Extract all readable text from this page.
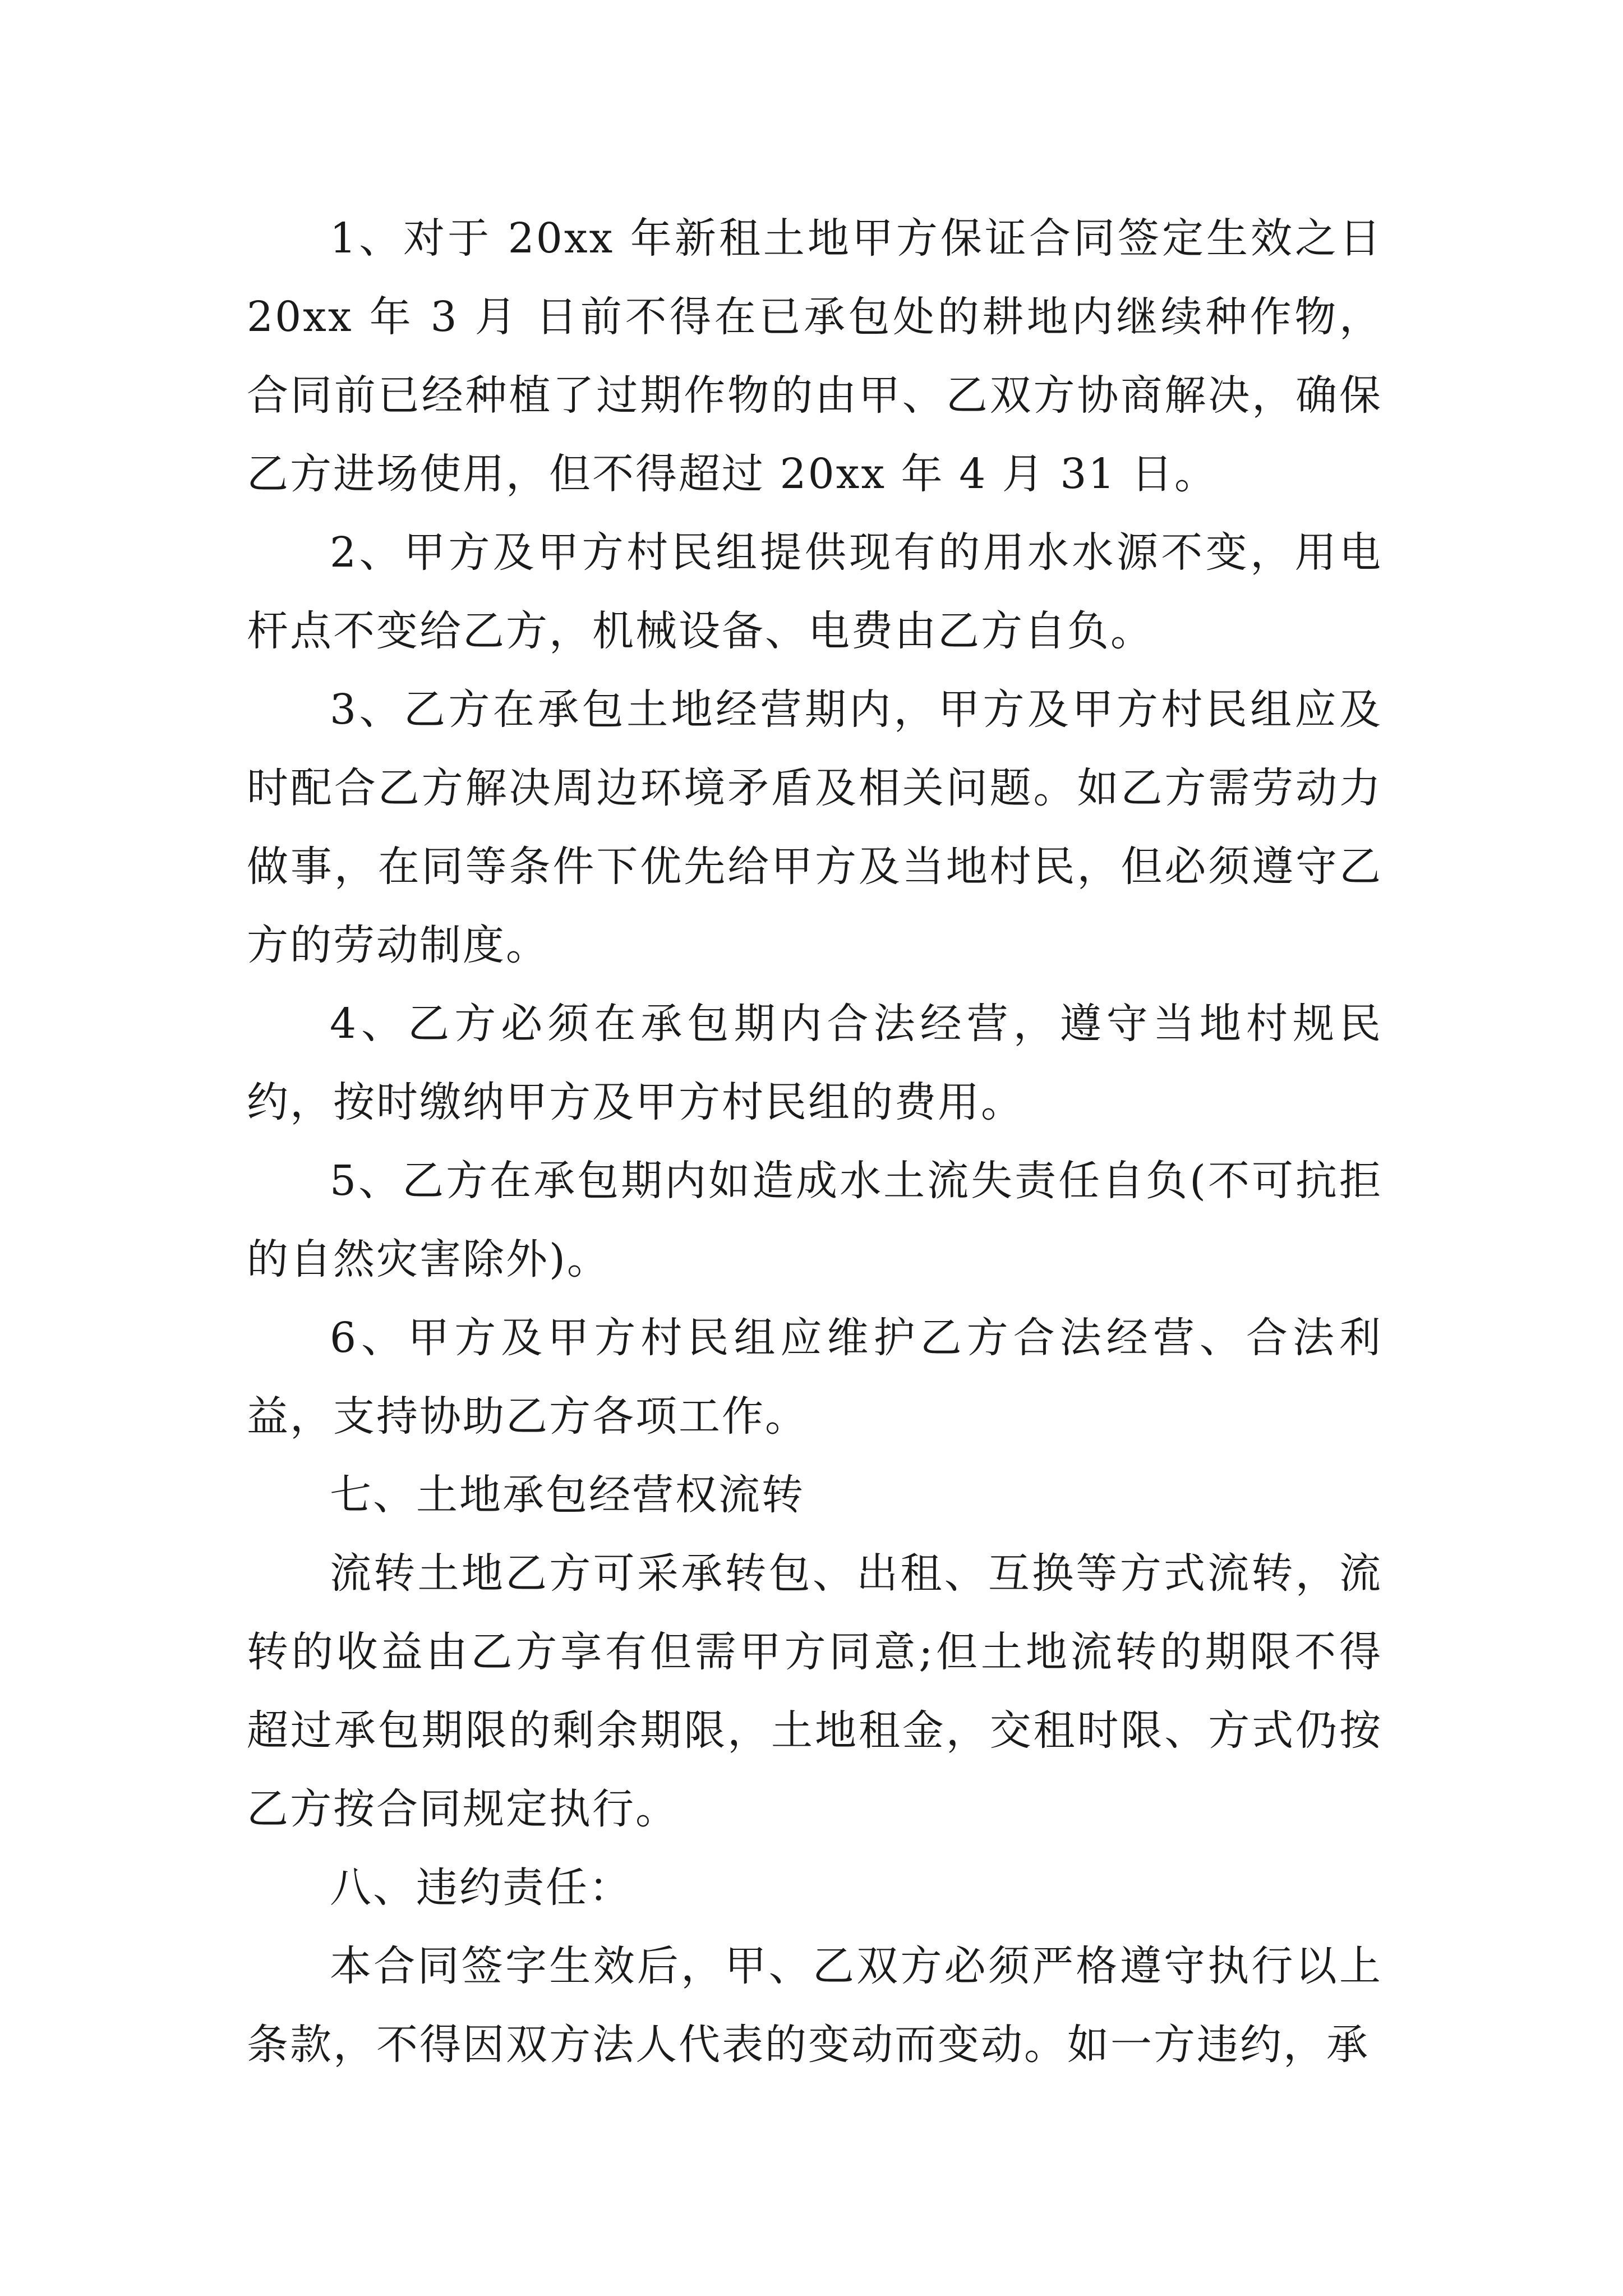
1、对于 20xx 年新租土地甲方保证合同签定生效之日 20xx 年 3 月 日前不得在已承包处的耕地内继续种作物，合同前已经种植了过期作物的由甲、乙双方协商解决，确保乙方进场使用，但不得超过 20xx 年 4 月 31 日。

2、甲方及甲方村民组提供现有的用水水源不变，用电杆点不变给乙方，机械设备、电费由乙方自负。

3、乙方在承包土地经营期内，甲方及甲方村民组应及时配合乙方解决周边环境矛盾及相关问题。如乙方需劳动力做事，在同等条件下优先给甲方及当地村民，但必须遵守乙方的劳动制度。

4、乙方必须在承包期内合法经营，遵守当地村规民约，按时缴纳甲方及甲方村民组的费用。

5、乙方在承包期内如造成水土流失责任自负(不可抗拒的自然灾害除外)。

6、甲方及甲方村民组应维护乙方合法经营、合法利益，支持协助乙方各项工作。

七、土地承包经营权流转

流转土地乙方可采承转包、出租、互换等方式流转，流转的收益由乙方享有但需甲方同意;但土地流转的期限不得超过承包期限的剩余期限，土地租金，交租时限、方式仍按乙方按合同规定执行。

八、违约责任：

本合同签字生效后，甲、乙双方必须严格遵守执行以上条款，不得因双方法人代表的变动而变动。如一方违约，承
